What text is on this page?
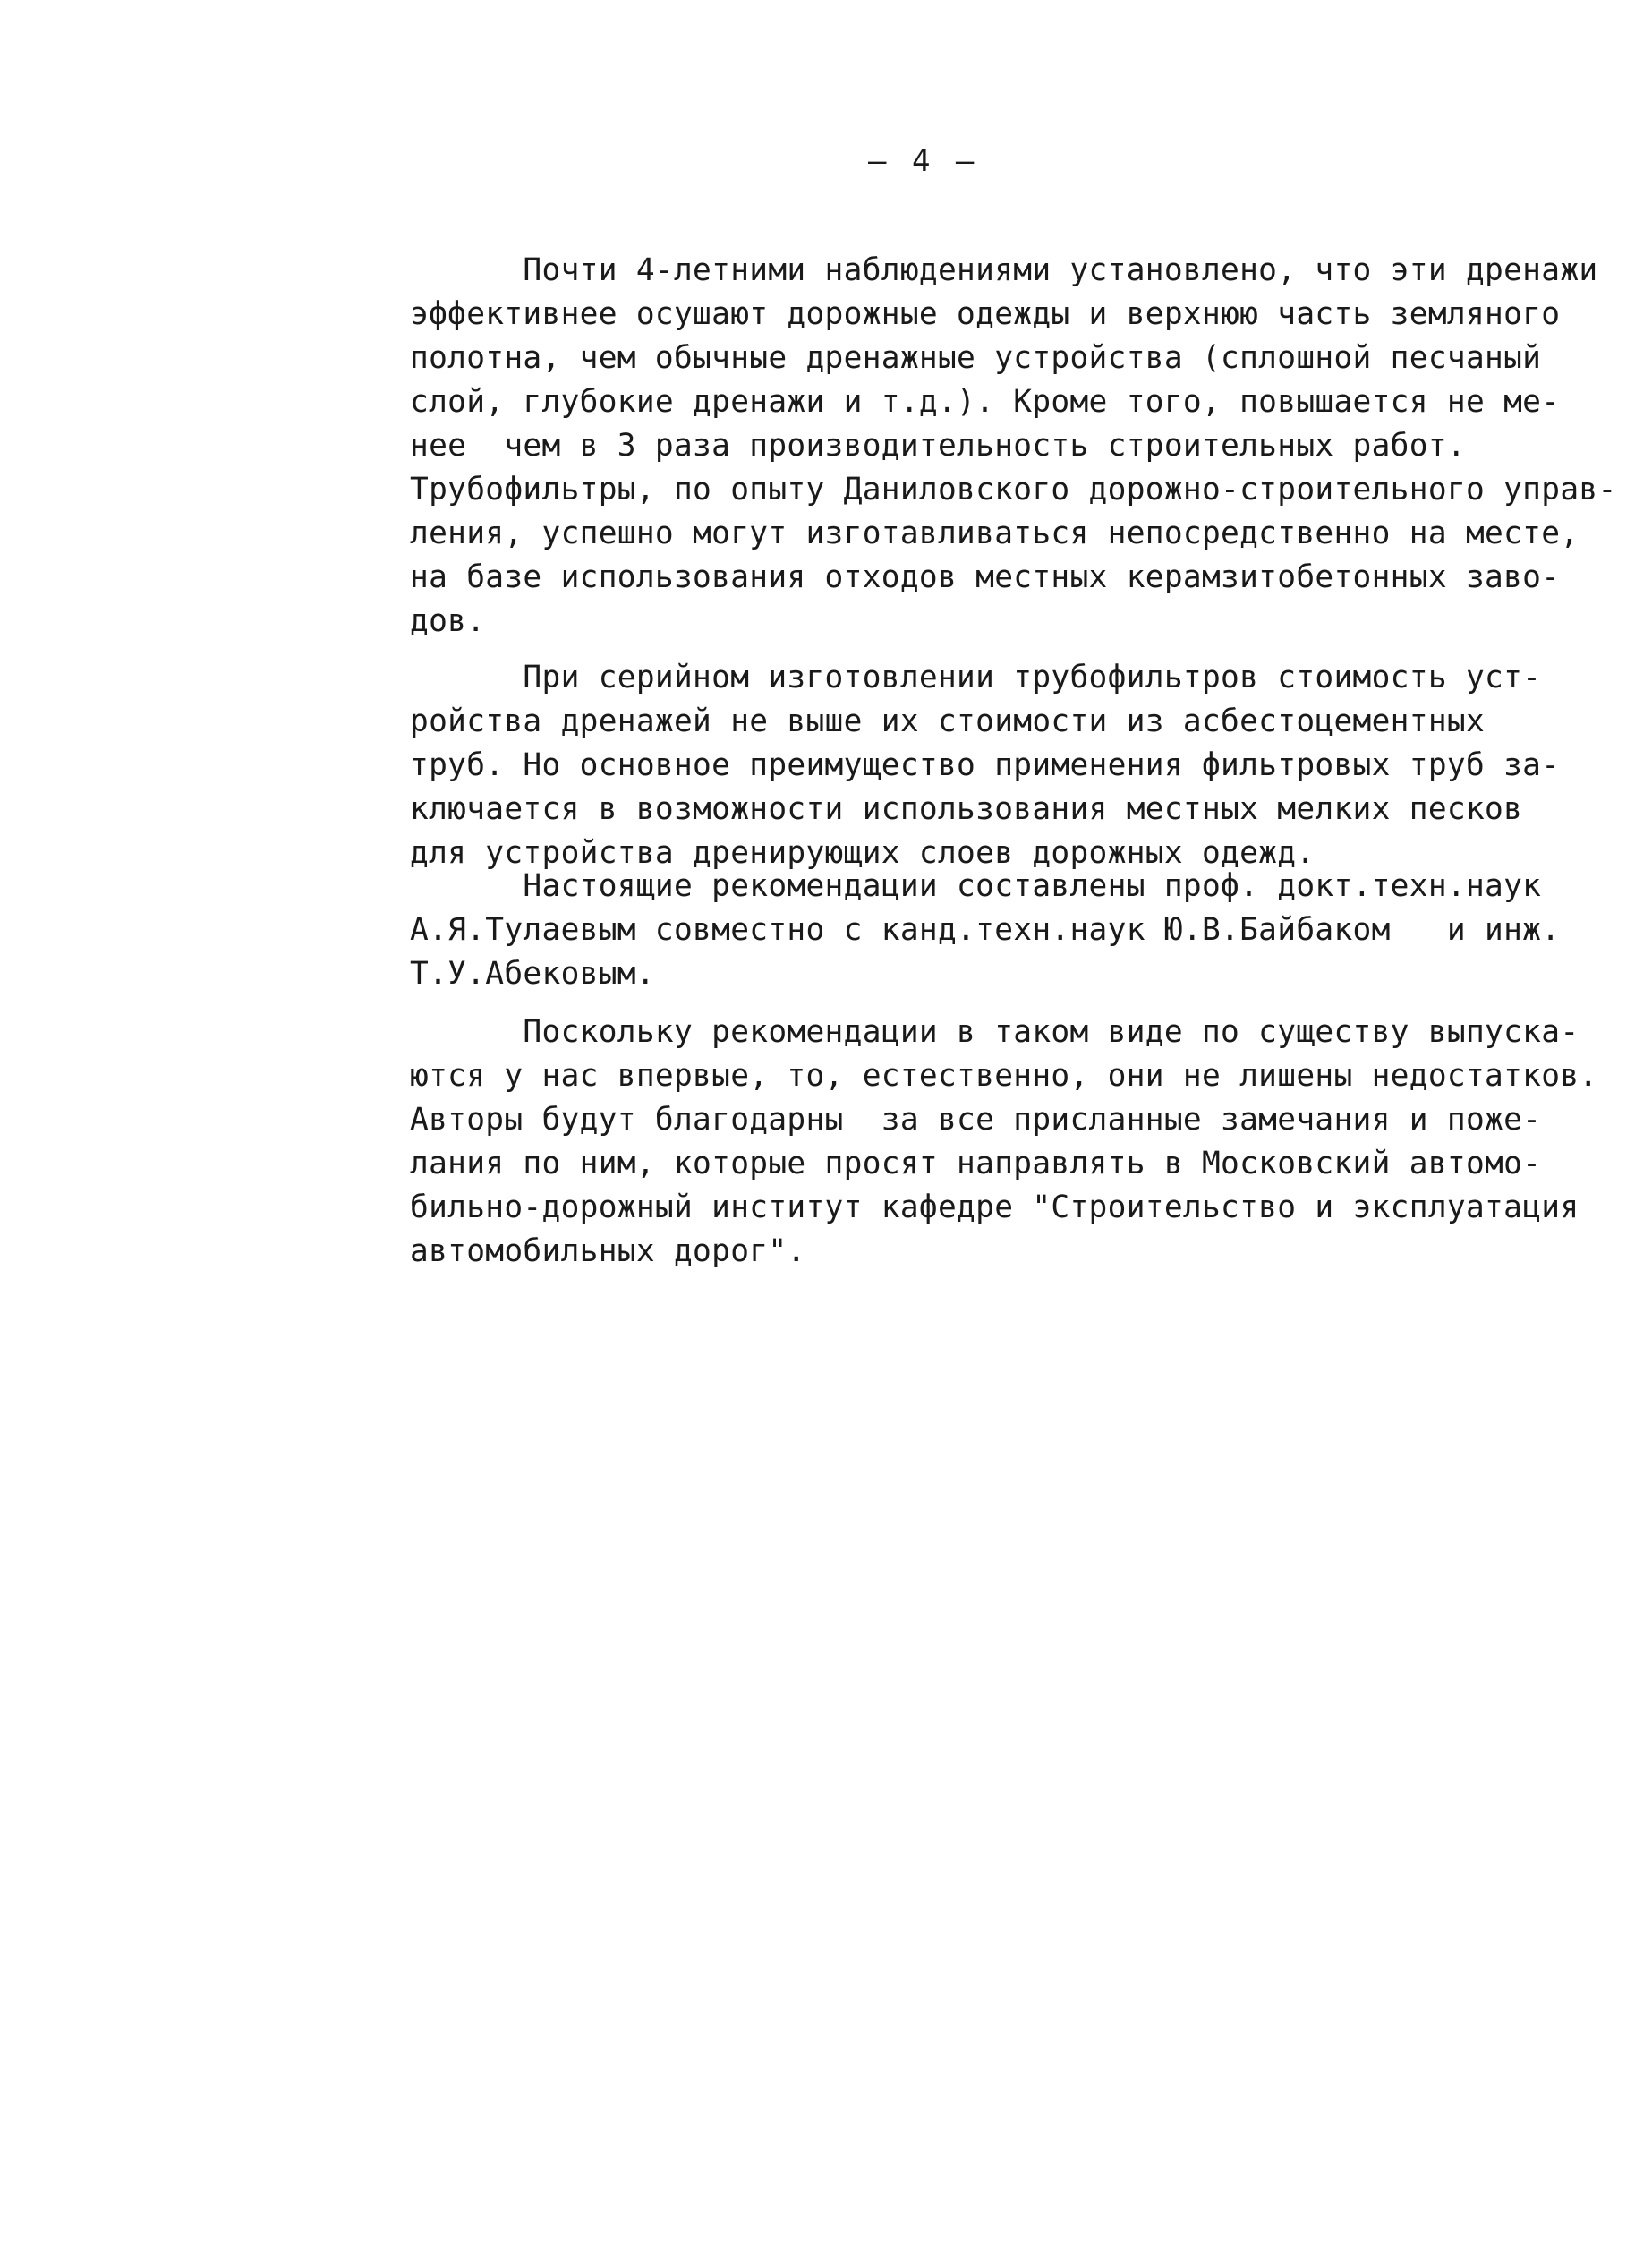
— 4 —
Почти 4-летними наблюдениями установлено, что эти дренажи
эффективнее осушают дорожные одежды и верхнюю часть земляного
полотна, чем обычные дренажные устройства (сплошной песчаный
слой, глубокие дренажи и т.д.). Кроме того, повышается не ме-
нее  чем в 3 раза производительность строительных работ.
Трубофильтры, по опыту Даниловского дорожно-строительного управ-
ления, успешно могут изготавливаться непосредственно на месте,
на базе использования отходов местных керамзитобетонных заво-
дов.
При серийном изготовлении трубофильтров стоимость уст-
ройства дренажей не выше их стоимости из асбестоцементных
труб. Но основное преимущество применения фильтровых труб за-
ключается в возможности использования местных мелких песков
для устройства дренирующих слоев дорожных одежд.
Настоящие рекомендации составлены проф. докт.техн.наук
А.Я.Тулаевым совместно с канд.техн.наук Ю.В.Байбаком   и инж.
Т.У.Абековым.
Поскольку рекомендации в таком виде по существу выпуска-
ются у нас впервые, то, естественно, они не лишены недостатков.
Авторы будут благодарны  за все присланные замечания и поже-
лания по ним, которые просят направлять в Московский автомо-
бильно-дорожный институт кафедре "Строительство и эксплуатация
автомобильных дорог".
